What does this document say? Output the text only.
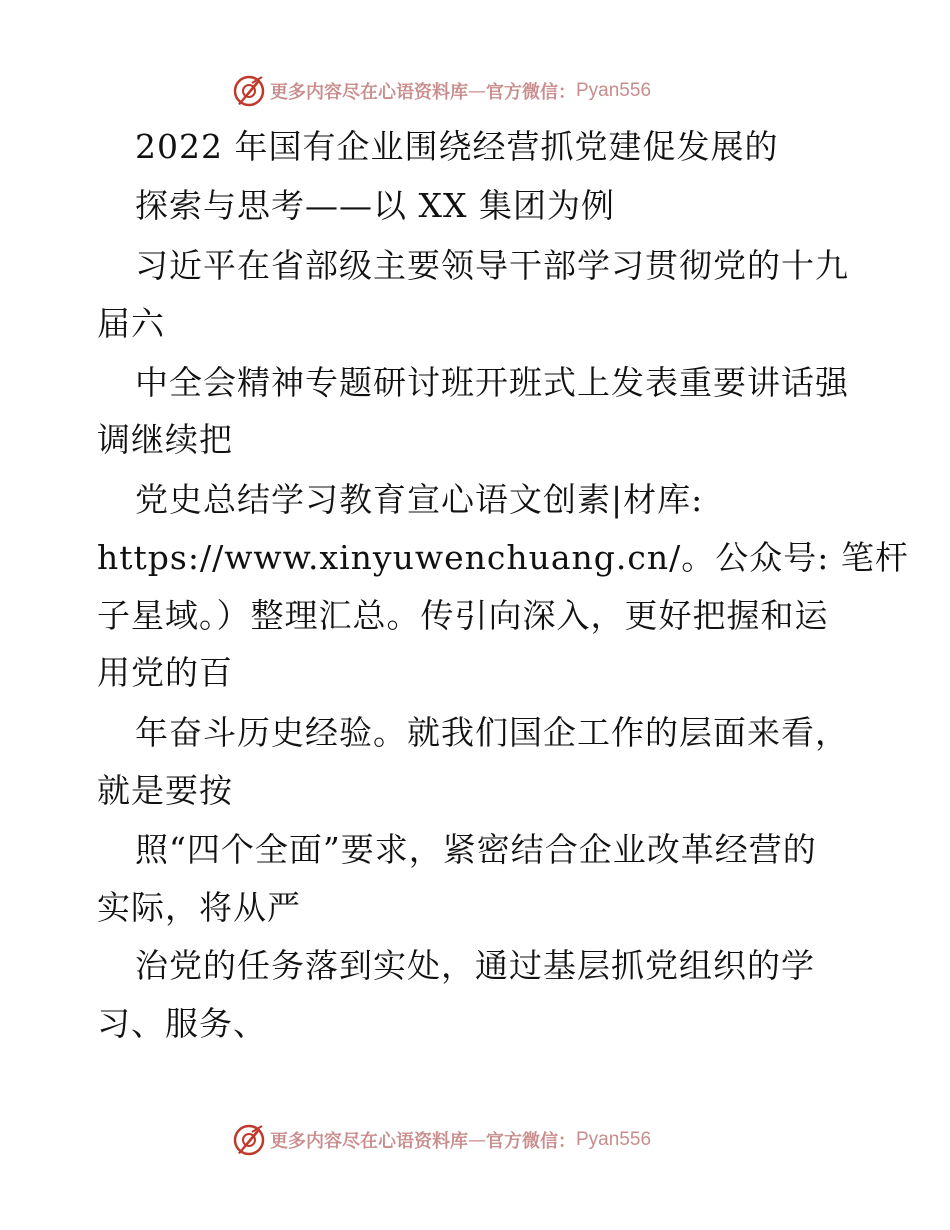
更多内容尽在心语资料库 — 官方微信： Pyan556
2022 年国有企业围绕经营抓党建促发展的
探索与思考——以 XX 集团为例
习近平在省部级主要领导干部学习贯彻党的十九
届六
中全会精神专题研讨班开班式上发表重要讲话强
调继续把
党史总结学习教育宣心语文创素|材库:
https://www.xinyuwenchuang.cn/。公众号: 笔杆
子星域。）整理汇总。传引向深入，更好把握和运
用党的百
年奋斗历史经验。就我们国企工作的层面来看，
就是要按
照“四个全面”要求，紧密结合企业改革经营的
实际，将从严
治党的任务落到实处，通过基层抓党组织的学
习、服务、
更多内容尽在心语资料库 — 官方微信： Pyan556
